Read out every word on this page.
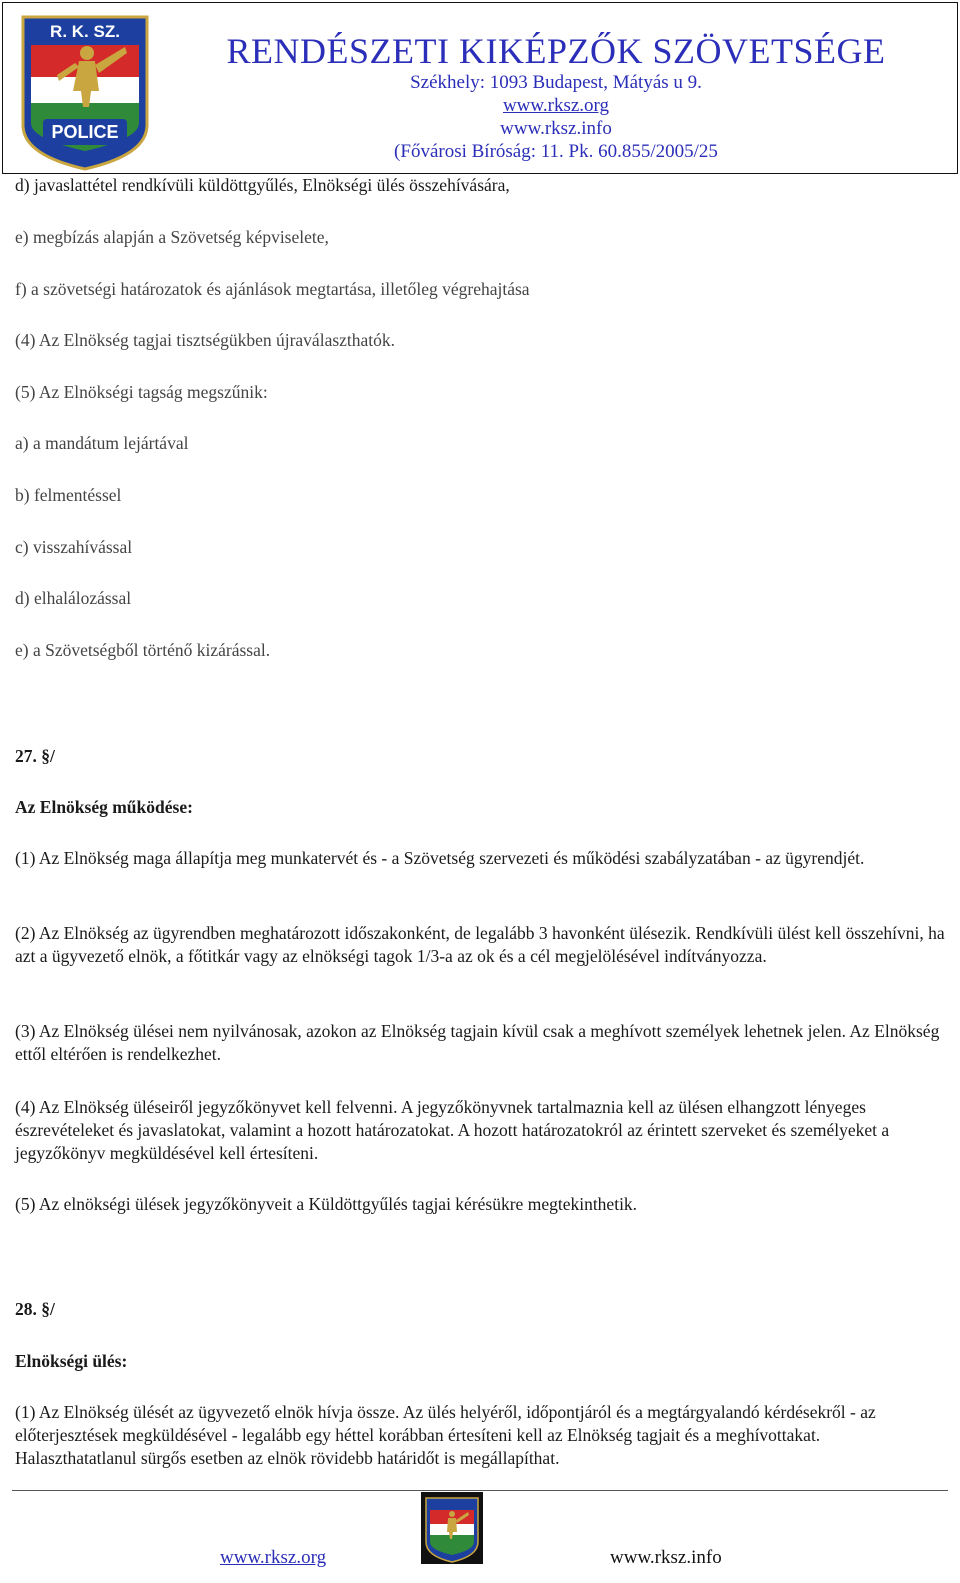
POLICE
R. K. SZ.	RENDÉSZETI KIKÉPZŐK SZÖVETSÉGE
Székhely: 1093 Budapest, Mátyás u 9.
www.rksz.org
www.rksz.info
(Fővárosi Bíróság: 11. Pk. 60.855/2005/25
d) javaslattétel rendkívüli küldöttgyűlés, Elnökségi ülés összehívására,
e) megbízás alapján a Szövetség képviselete,
f) a szövetségi határozatok és ajánlások megtartása, illetőleg végrehajtása
(4) Az Elnökség tagjai tisztségükben újraválaszthatók.
(5) Az Elnökségi tagság megszűnik:
a) a mandátum lejártával
b) felmentéssel
c) visszahívással
d) elhalálozással
e) a Szövetségből történő kizárással.
27. §/
Az Elnökség működése:
(1) Az Elnökség maga állapítja meg munkatervét és - a Szövetség szervezeti és működési szabályzatában - az ügyrendjét.
(2) Az Elnökség az ügyrendben meghatározott időszakonként, de legalább 3 havonként ülésezik. Rendkívüli ülést kell összehívni, ha azt a ügyvezető elnök, a főtitkár vagy az elnökségi tagok 1/3-a az ok és a cél megjelölésével indítványozza.
(3) Az Elnökség ülései nem nyilvánosak, azokon az Elnökség tagjain kívül csak a meghívott személyek lehetnek jelen. Az Elnökség ettől eltérően is rendelkezhet.
(4) Az Elnökség üléseiről jegyzőkönyvet kell felvenni. A jegyzőkönyvnek tartalmaznia kell az ülésen elhangzott lényeges észrevételeket és javaslatokat, valamint a hozott határozatokat. A hozott határozatokról az érintett szerveket és személyeket a jegyzőkönyv megküldésével kell értesíteni.
(5) Az elnökségi ülések jegyzőkönyveit a Küldöttgyűlés tagjai kérésükre megtekinthetik.
28. §/
Elnökségi ülés:
(1) Az Elnökség ülését az ügyvezető elnök hívja össze. Az ülés helyéről, időpontjáról és a megtárgyalandó kérdésekről - az előterjesztések megküldésével - legalább egy héttel korábban értesíteni kell az Elnökség tagjait és a meghívottakat. Halaszthatatlanul sürgős esetben az elnök rövidebb határidőt is megállapíthat.
www.rksz.org	www.rksz.info
